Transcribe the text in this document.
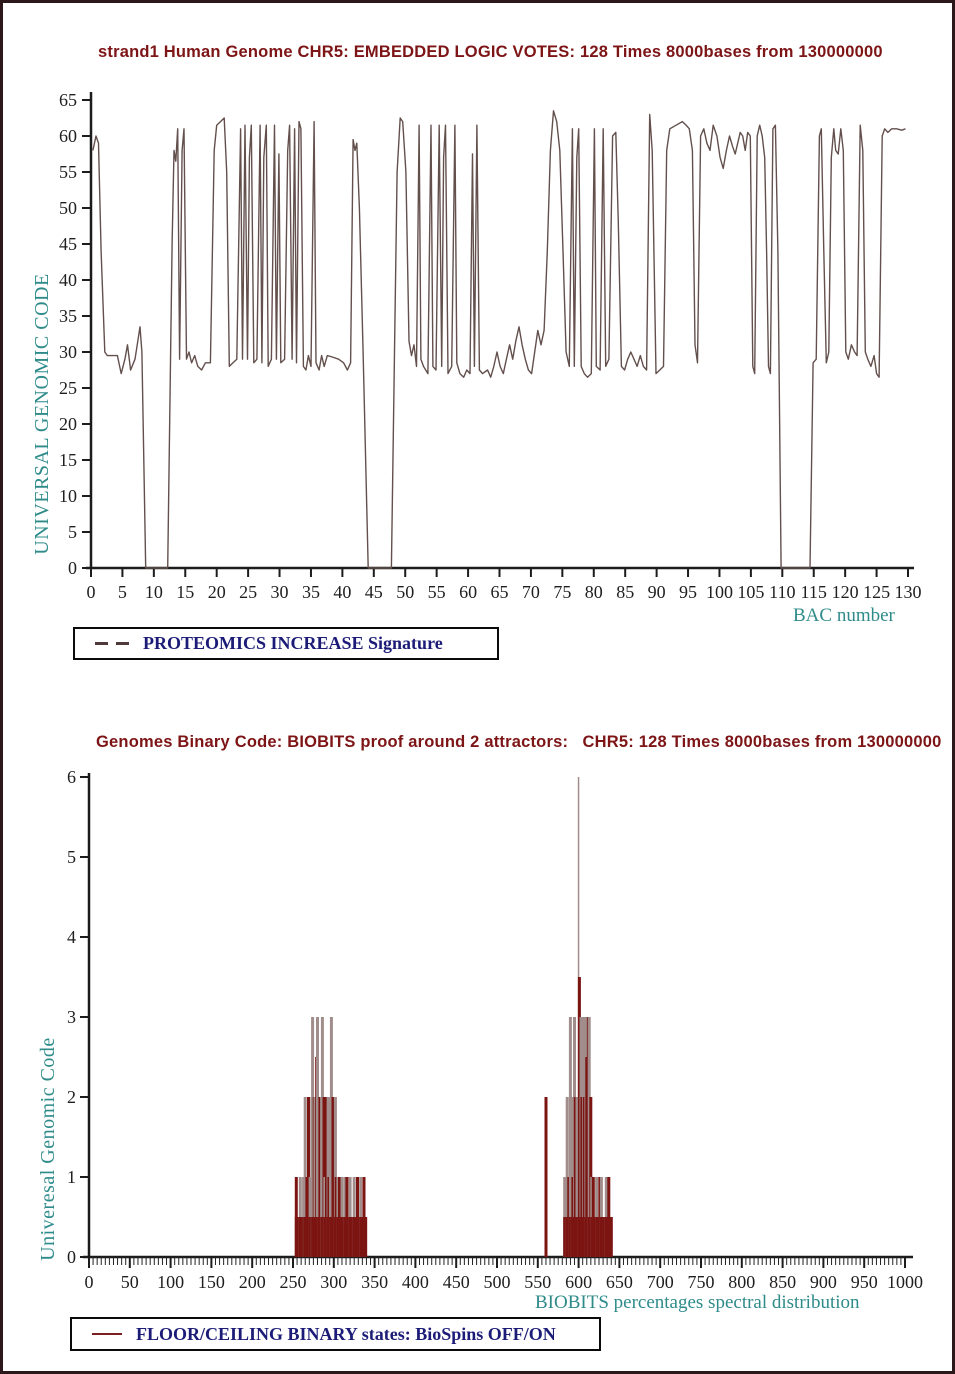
strand1 Human Genome CHR5: EMBEDDED LOGIC VOTES: 128 Times 8000bases from 130000000
0 5 10 15 20 25 30 35 40 45 50 55 60 65 70 75 80 85 90 95 100 105 110 115 120 125 130
0
5
10
15
20
25
30
35
40
45
50
55
60
65
UNIVERSAL GENOMIC CODE
BAC number
PROTEOMICS INCREASE Signature
Genomes Binary Code: BIOBITS proof around 2 attractors:   CHR5: 128 Times 8000bases from 130000000
0 50 100 150 200 250 300 350 400 450 500 550 600 650 700 750 800 850 900 950 1000
0
1
2
3
4
5
6
Univeresal Genomic Code
BIOBITS percentages spectral distribution
FLOOR/CEILING BINARY states: BioSpins OFF/ON
